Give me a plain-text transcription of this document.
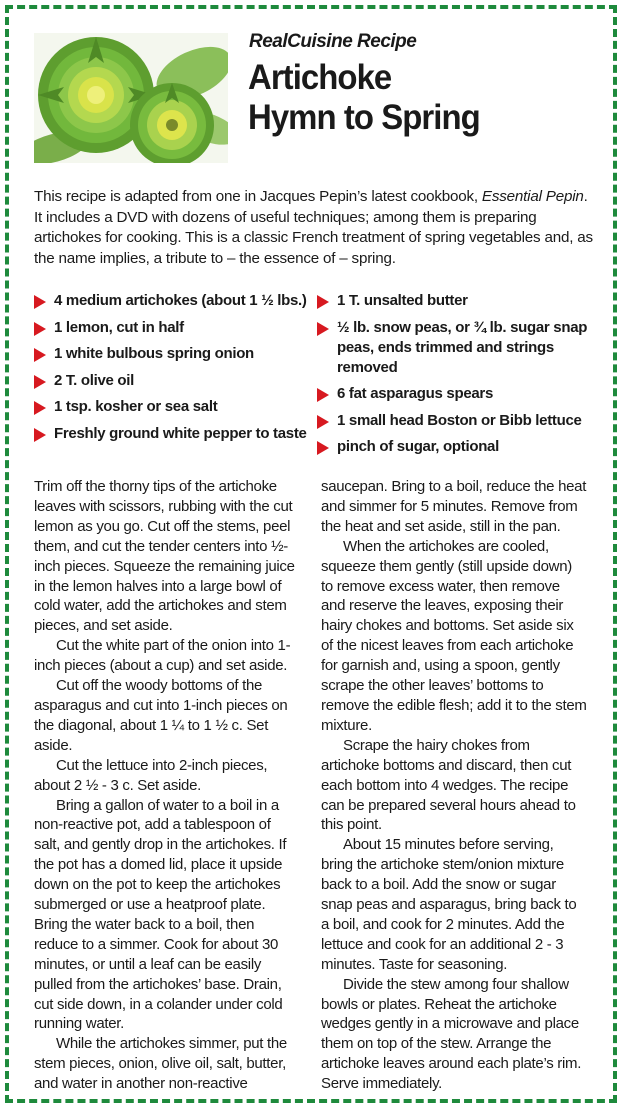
RealCuisine Recipe
Artichoke
Hymn to Spring
This recipe is adapted from one in Jacques Pepin’s latest cookbook, Essential Pepin. It includes a DVD with dozens of useful techniques; among them is preparing artichokes for cooking. This is a classic French treatment of spring vegetables and, as the name implies, a tribute to – the essence of – spring.
4 medium artichokes (about 1 ½ lbs.)
1 lemon, cut in half
1 white bulbous spring onion
2 T. olive oil
1 tsp. kosher or sea salt
Freshly ground white pepper to taste
1 T. unsalted butter
½ lb. snow peas, or ¾ lb. sugar snap peas, ends trimmed and strings removed
6 fat asparagus spears
1 small head Boston or Bibb lettuce
pinch of sugar, optional

Trim off the thorny tips of the artichoke leaves with scissors, rubbing with the cut lemon as you go. Cut off the stems, peel them, and cut the tender centers into ½-inch pieces. Squeeze the remaining juice in the lemon halves into a large bowl of cold water, add the artichokes and stem pieces, and set aside.

Cut the white part of the onion into 1-inch pieces (about a cup) and set aside.

Cut off the woody bottoms of the asparagus and cut into 1-inch pieces on the diagonal, about 1 ¼ to 1 ½ c. Set aside.

Cut the lettuce into 2-inch pieces, about 2 ½ - 3 c. Set aside.

Bring a gallon of water to a boil in a non-reactive pot, add a tablespoon of salt, and gently drop in the artichokes. If the pot has a domed lid, place it upside down on the pot to keep the artichokes submerged or use a heatproof plate. Bring the water back to a boil, then reduce to a simmer. Cook for about 30 minutes, or until a leaf can be easily pulled from the artichokes’ base. Drain, cut side down, in a colander under cold running water.

While the artichokes simmer, put the stem pieces, onion, olive oil, salt, butter, and water in another non-reactive

saucepan. Bring to a boil, reduce the heat and simmer for 5 minutes. Remove from the heat and set aside, still in the pan.

When the artichokes are cooled, squeeze them gently (still upside down) to remove excess water, then remove and reserve the leaves, exposing their hairy chokes and bottoms. Set aside six of the nicest leaves from each artichoke for garnish and, using a spoon, gently scrape the other leaves’ bottoms to remove the edible flesh; add it to the stem mixture.

Scrape the hairy chokes from artichoke bottoms and discard, then cut each bottom into 4 wedges. The recipe can be prepared several hours ahead to this point.

About 15 minutes before serving, bring the artichoke stem/onion mixture back to a boil. Add the snow or sugar snap peas and asparagus, bring back to a boil, and cook for 2 minutes. Add the lettuce and cook for an additional 2 - 3 minutes. Taste for seasoning.

Divide the stew among four shallow bowls or plates. Reheat the artichoke wedges gently in a microwave and place them on top of the stew. Arrange the artichoke leaves around each plate’s rim. Serve immediately.
